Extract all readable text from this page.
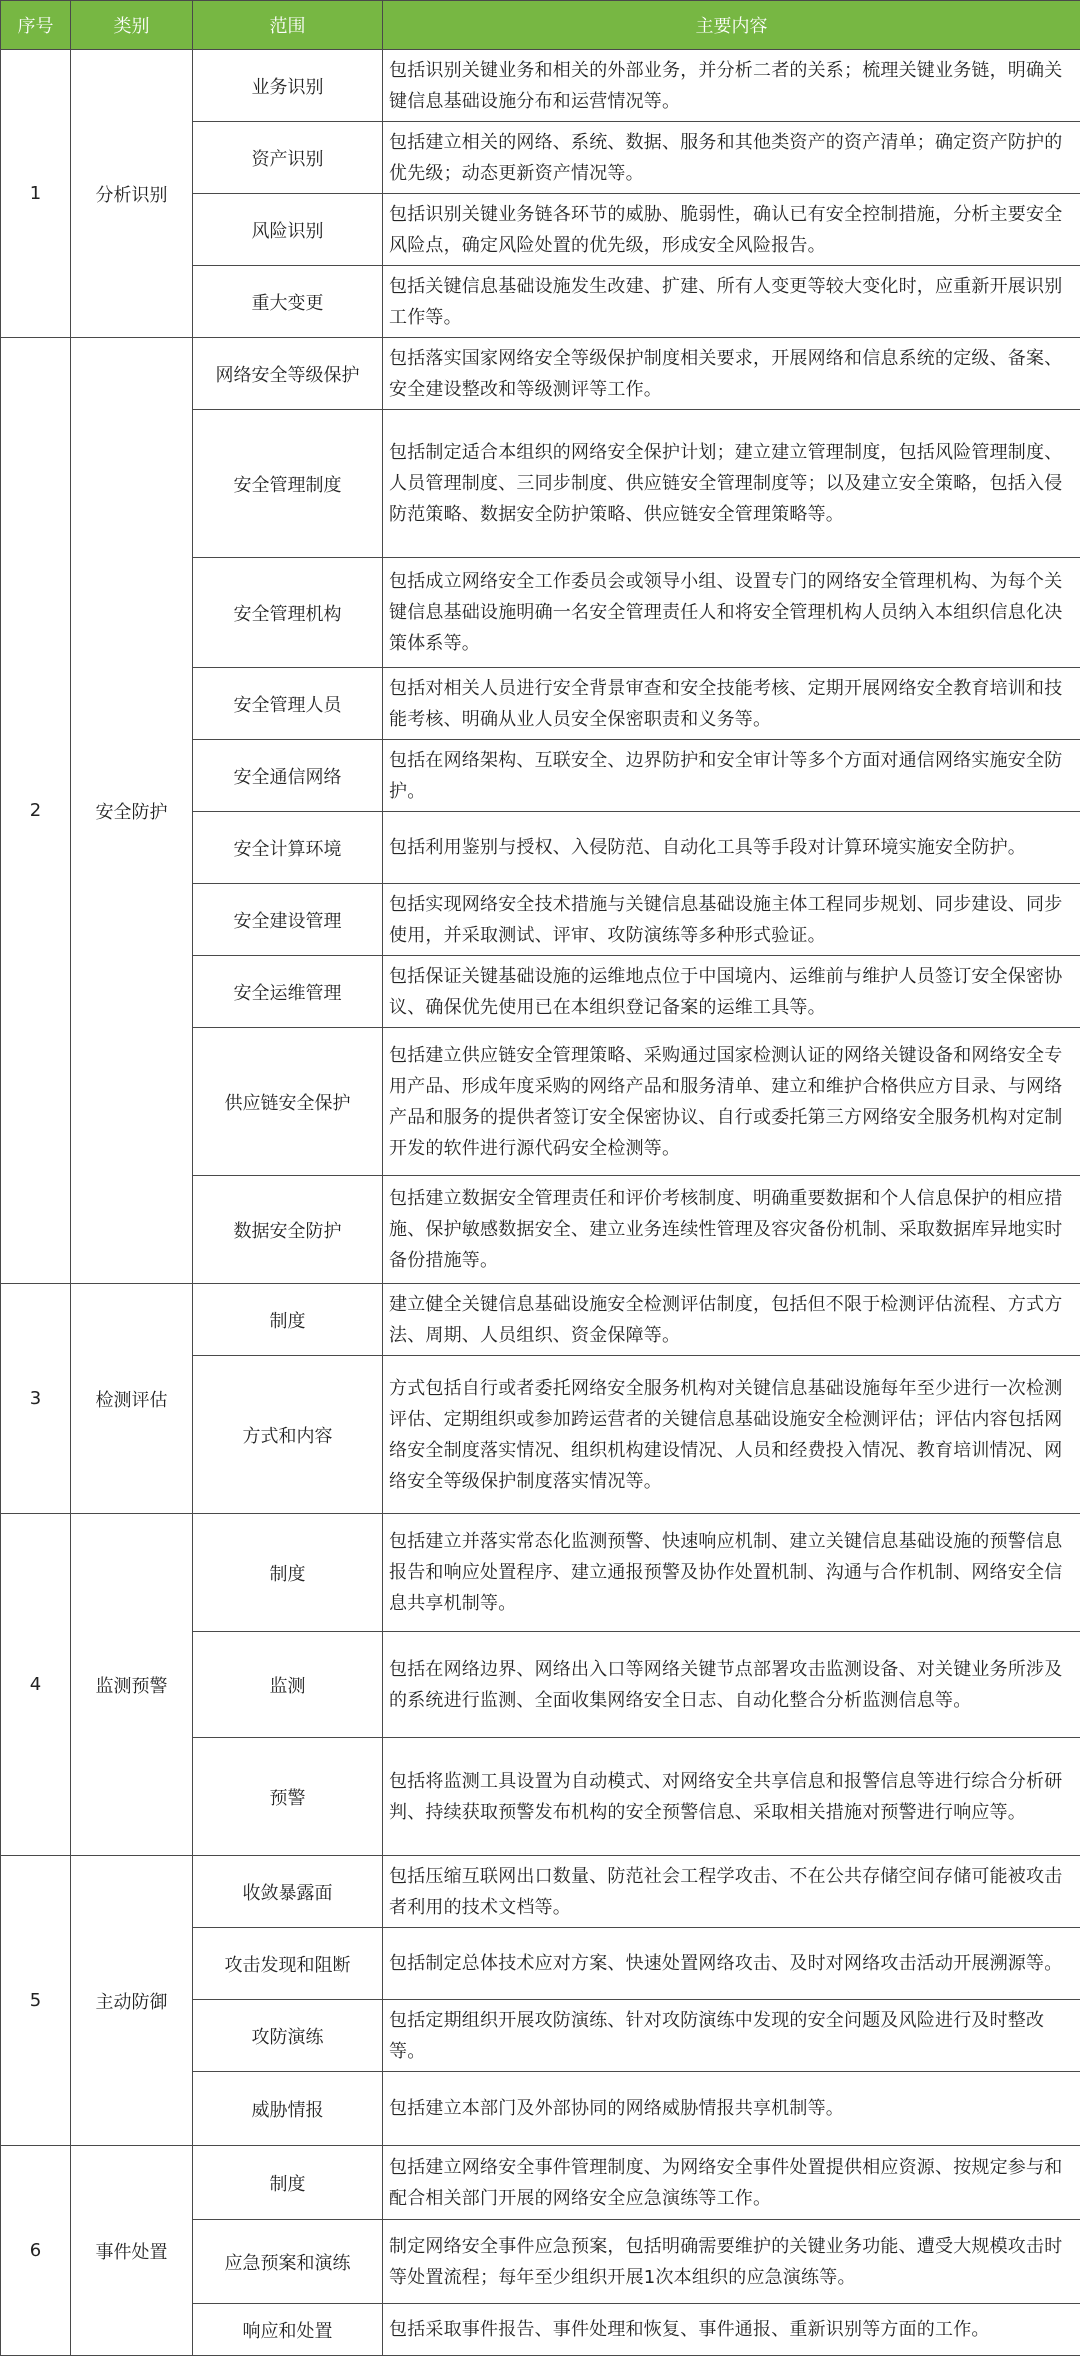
序号	类别	范围	主要内容
1	分析识别	业务识别	包括识别关键业务和相关的外部业务，并分析二者的关系；梳理关键业务链，明确关键信息基础设施分布和运营情况等。
		资产识别	包括建立相关的网络、系统、数据、服务和其他类资产的资产清单；确定资产防护的优先级；动态更新资产情况等。
		风险识别	包括识别关键业务链各环节的威胁、脆弱性，确认已有安全控制措施，分析主要安全风险点，确定风险处置的优先级，形成安全风险报告。
		重大变更	包括关键信息基础设施发生改建、扩建、所有人变更等较大变化时，应重新开展识别工作等。
2	安全防护	网络安全等级保护	包括落实国家网络安全等级保护制度相关要求，开展网络和信息系统的定级、备案、安全建设整改和等级测评等工作。
		安全管理制度	包括制定适合本组织的网络安全保护计划；建立建立管理制度，包括风险管理制度、人员管理制度、三同步制度、供应链安全管理制度等；以及建立安全策略，包括入侵防范策略、数据安全防护策略、供应链安全管理策略等。
		安全管理机构	包括成立网络安全工作委员会或领导小组、设置专门的网络安全管理机构、为每个关键信息基础设施明确一名安全管理责任人和将安全管理机构人员纳入本组织信息化决策体系等。
		安全管理人员	包括对相关人员进行安全背景审查和安全技能考核、定期开展网络安全教育培训和技能考核、明确从业人员安全保密职责和义务等。
		安全通信网络	包括在网络架构、互联安全、边界防护和安全审计等多个方面对通信网络实施安全防护。
		安全计算环境	包括利用鉴别与授权、入侵防范、自动化工具等手段对计算环境实施安全防护。
		安全建设管理	包括实现网络安全技术措施与关键信息基础设施主体工程同步规划、同步建设、同步使用，并采取测试、评审、攻防演练等多种形式验证。
		安全运维管理	包括保证关键基础设施的运维地点位于中国境内、运维前与维护人员签订安全保密协议、确保优先使用已在本组织登记备案的运维工具等。
		供应链安全保护	包括建立供应链安全管理策略、采购通过国家检测认证的网络关键设备和网络安全专用产品、形成年度采购的网络产品和服务清单、建立和维护合格供应方目录、与网络产品和服务的提供者签订安全保密协议、自行或委托第三方网络安全服务机构对定制开发的软件进行源代码安全检测等。
		数据安全防护	包括建立数据安全管理责任和评价考核制度、明确重要数据和个人信息保护的相应措施、保护敏感数据安全、建立业务连续性管理及容灾备份机制、采取数据库异地实时备份措施等。
3	检测评估	制度	建立健全关键信息基础设施安全检测评估制度，包括但不限于检测评估流程、方式方法、周期、人员组织、资金保障等。
		方式和内容	方式包括自行或者委托网络安全服务机构对关键信息基础设施每年至少进行一次检测评估、定期组织或参加跨运营者的关键信息基础设施安全检测评估；评估内容包括网络安全制度落实情况、组织机构建设情况、人员和经费投入情况、教育培训情况、网络安全等级保护制度落实情况等。
4	监测预警	制度	包括建立并落实常态化监测预警、快速响应机制、建立关键信息基础设施的预警信息报告和响应处置程序、建立通报预警及协作处置机制、沟通与合作机制、网络安全信息共享机制等。
		监测	包括在网络边界、网络出入口等网络关键节点部署攻击监测设备、对关键业务所涉及的系统进行监测、全面收集网络安全日志、自动化整合分析监测信息等。
		预警	包括将监测工具设置为自动模式、对网络安全共享信息和报警信息等进行综合分析研判、持续获取预警发布机构的安全预警信息、采取相关措施对预警进行响应等。
5	主动防御	收敛暴露面	包括压缩互联网出口数量、防范社会工程学攻击、不在公共存储空间存储可能被攻击者利用的技术文档等。
		攻击发现和阻断	包括制定总体技术应对方案、快速处置网络攻击、及时对网络攻击活动开展溯源等。
		攻防演练	包括定期组织开展攻防演练、针对攻防演练中发现的安全问题及风险进行及时整改等。
		威胁情报	包括建立本部门及外部协同的网络威胁情报共享机制等。
6	事件处置	制度	包括建立网络安全事件管理制度、为网络安全事件处置提供相应资源、按规定参与和配合相关部门开展的网络安全应急演练等工作。
		应急预案和演练	制定网络安全事件应急预案，包括明确需要维护的关键业务功能、遭受大规模攻击时等处置流程；每年至少组织开展1次本组织的应急演练等。
		响应和处置	包括采取事件报告、事件处理和恢复、事件通报、重新识别等方面的工作。
